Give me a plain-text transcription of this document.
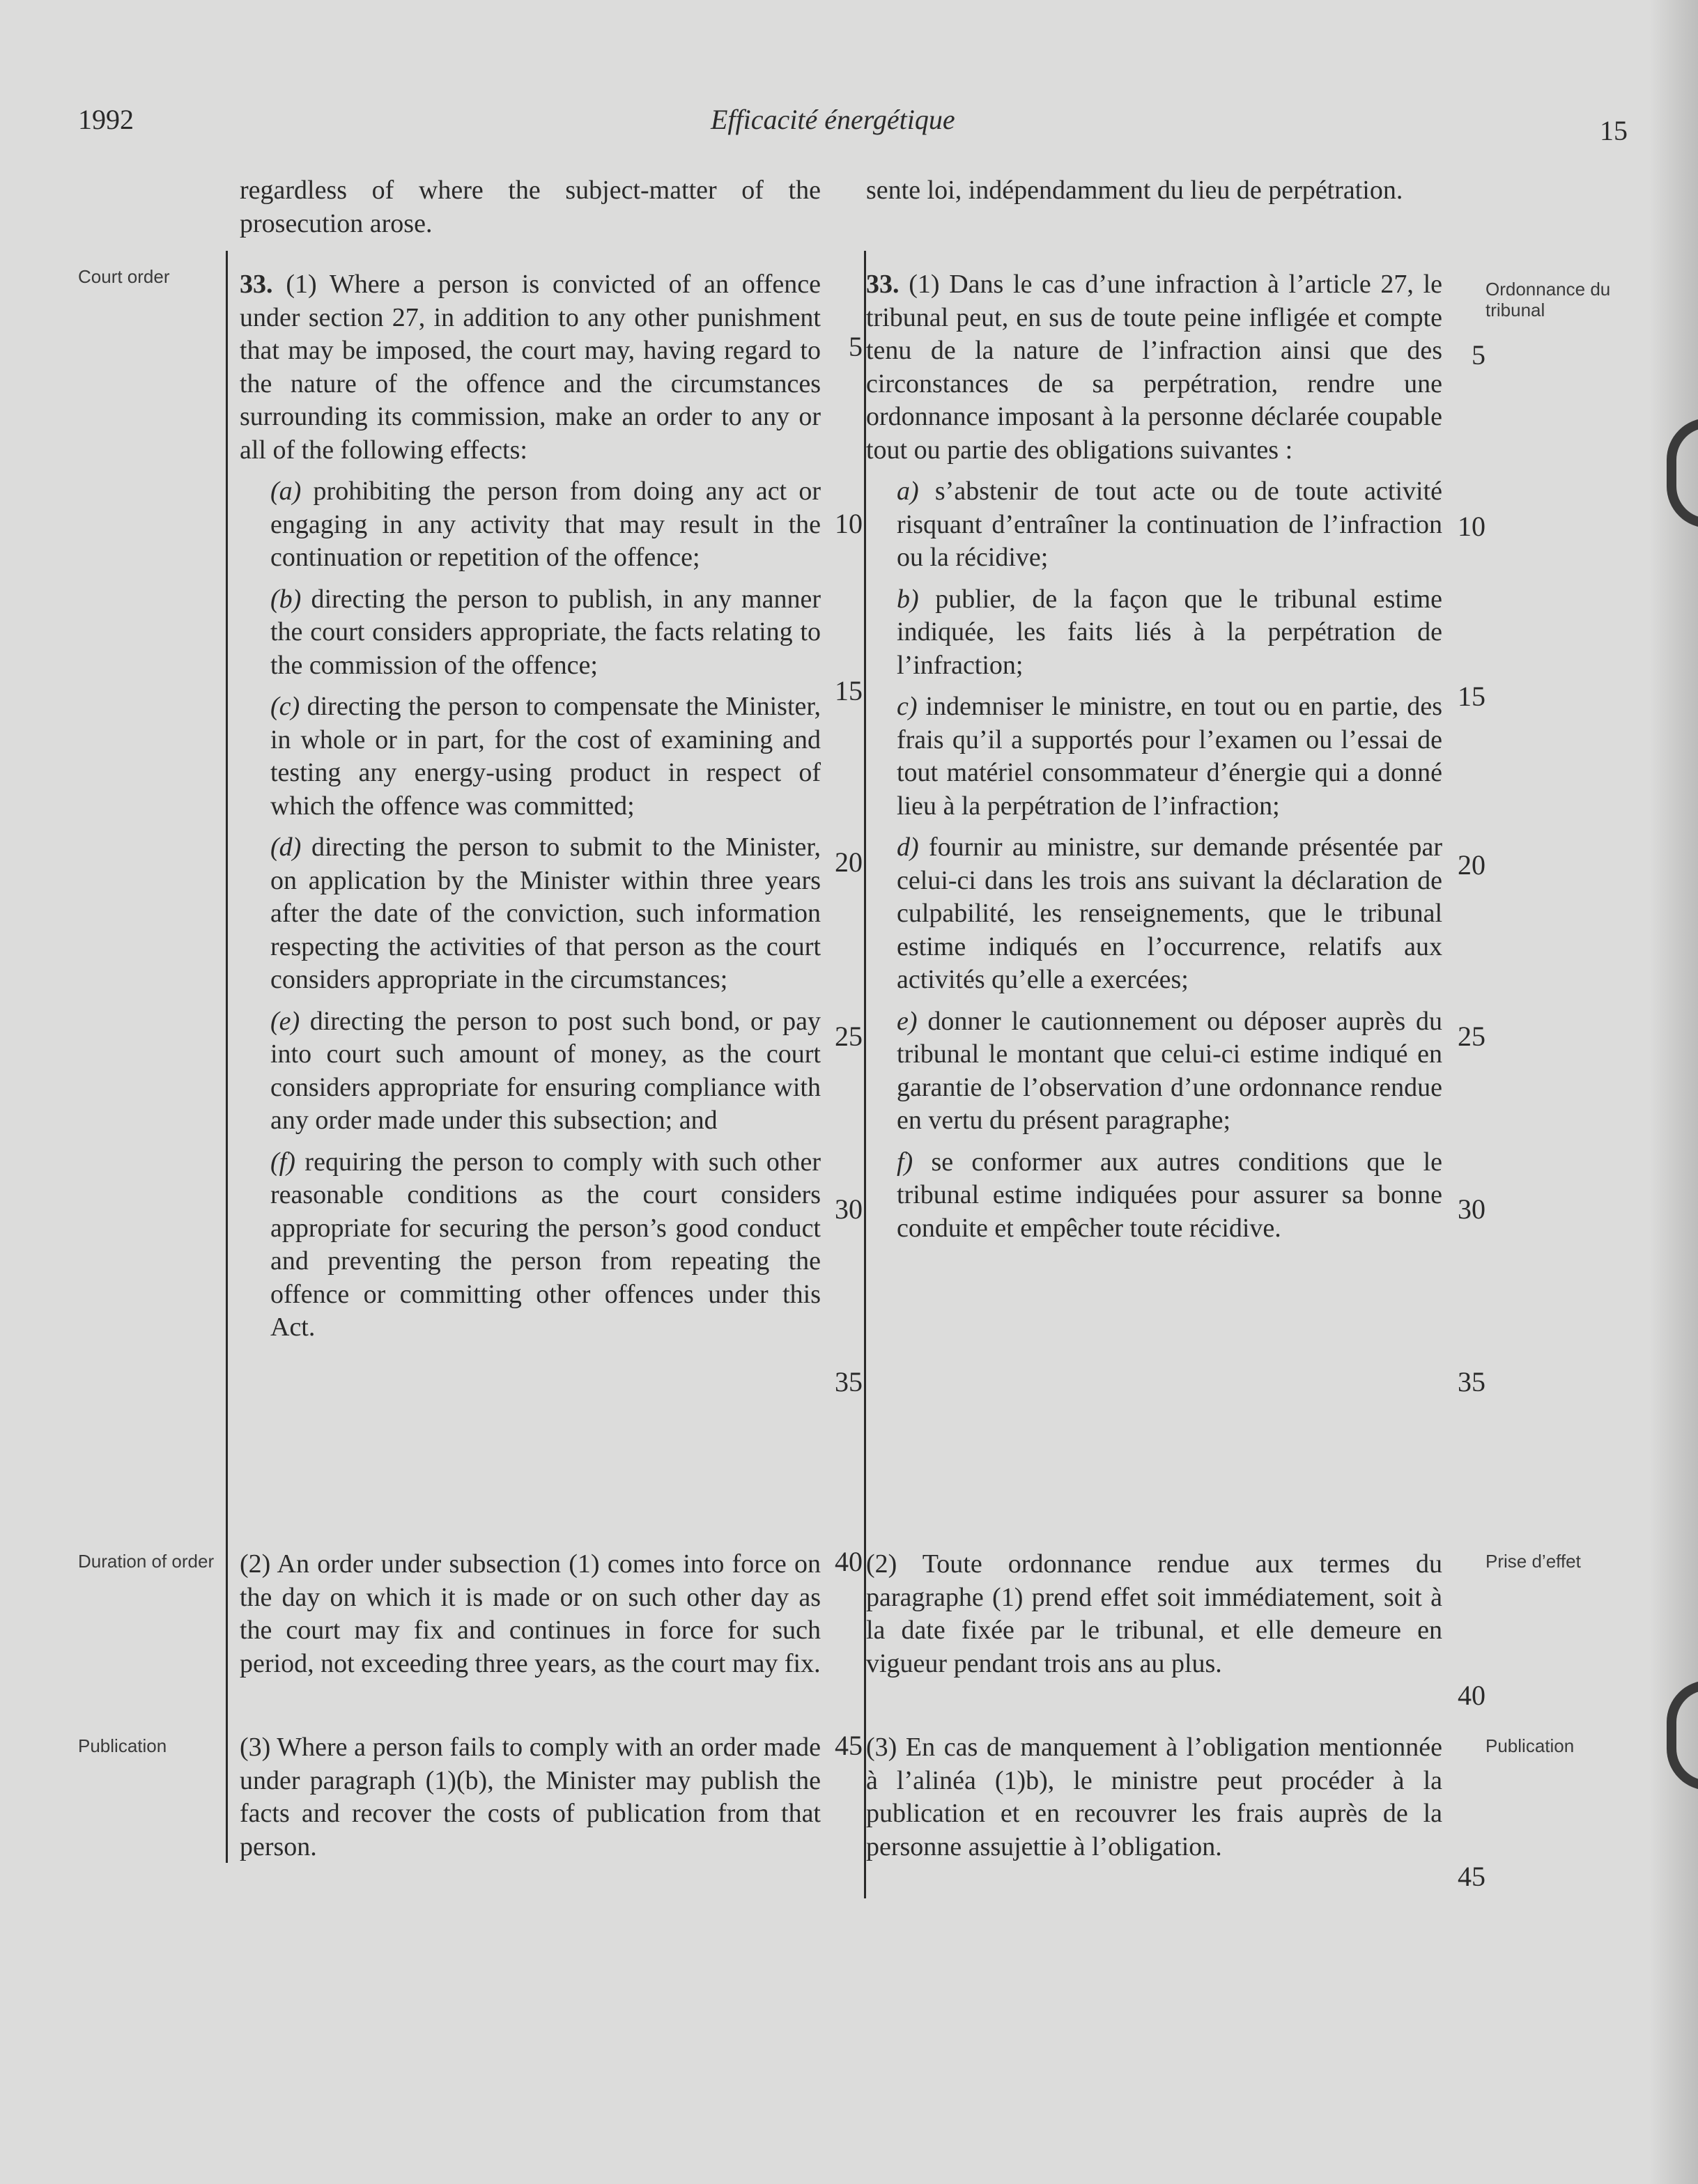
1992	Efficacité énergétique	15

regardless of where the subject-matter of the prosecution arose.

33. (1) Where a person is convicted of an offence under section 27, in addition to any other punishment that may be imposed, the court may, having regard to the nature of the offence and the circumstances surrounding its commission, make an order to any or all of the following effects:

(a) prohibiting the person from doing any act or engaging in any activity that may result in the continuation or repetition of the offence;

(b) directing the person to publish, in any manner the court considers appropriate, the facts relating to the commission of the offence;

(c) directing the person to compensate the Minister, in whole or in part, for the cost of examining and testing any energy-using product in respect of which the offence was committed;

(d) directing the person to submit to the Minister, on application by the Minister within three years after the date of the conviction, such information respecting the activities of that person as the court considers appropriate in the circumstances;

(e) directing the person to post such bond, or pay into court such amount of money, as the court considers appropriate for ensuring compliance with any order made under this subsection; and

(f) requiring the person to comply with such other reasonable conditions as the court considers appropriate for securing the person’s good conduct and preventing the person from repeating the offence or committing other offences under this Act.

(2) An order under subsection (1) comes into force on the day on which it is made or on such other day as the court may fix and continues in force for such period, not exceeding three years, as the court may fix.

(3) Where a person fails to comply with an order made under paragraph (1)(b), the Minister may publish the facts and recover the costs of publication from that person.

sente loi, indépendamment du lieu de perpétration.

33. (1) Dans le cas d’une infraction à l’article 27, le tribunal peut, en sus de toute peine infligée et compte tenu de la nature de l’infraction ainsi que des circonstances de sa perpétration, rendre une ordonnance imposant à la personne déclarée coupable tout ou partie des obligations suivantes :

a) s’abstenir de tout acte ou de toute activité risquant d’entraîner la continuation de l’infraction ou la récidive;

b) publier, de la façon que le tribunal estime indiquée, les faits liés à la perpétration de l’infraction;

c) indemniser le ministre, en tout ou en partie, des frais qu’il a supportés pour l’examen ou l’essai de tout matériel consommateur d’énergie qui a donné lieu à la perpétration de l’infraction;

d) fournir au ministre, sur demande présentée par celui-ci dans les trois ans suivant la déclaration de culpabilité, les renseignements, que le tribunal estime indiqués en l’occurrence, relatifs aux activités qu’elle a exercées;

e) donner le cautionnement ou déposer auprès du tribunal le montant que celui-ci estime indiqué en garantie de l’observation d’une ordonnance rendue en vertu du présent paragraphe;

f) se conformer aux autres conditions que le tribunal estime indiquées pour assurer sa bonne conduite et empêcher toute récidive.

(2) Toute ordonnance rendue aux termes du paragraphe (1) prend effet soit immédiatement, soit à la date fixée par le tribunal, et elle demeure en vigueur pendant trois ans au plus.

(3) En cas de manquement à l’obligation mentionnée à l’alinéa (1)b), le ministre peut procéder à la publication et en recouvrer les frais auprès de la personne assujettie à l’obligation.

Court order
Duration of order
Publication
Ordonnance du tribunal
Prise d’effet
Publication
5
10
15
20
25
30
35
40
45
5
10
15
20
25
30
35
40
45
